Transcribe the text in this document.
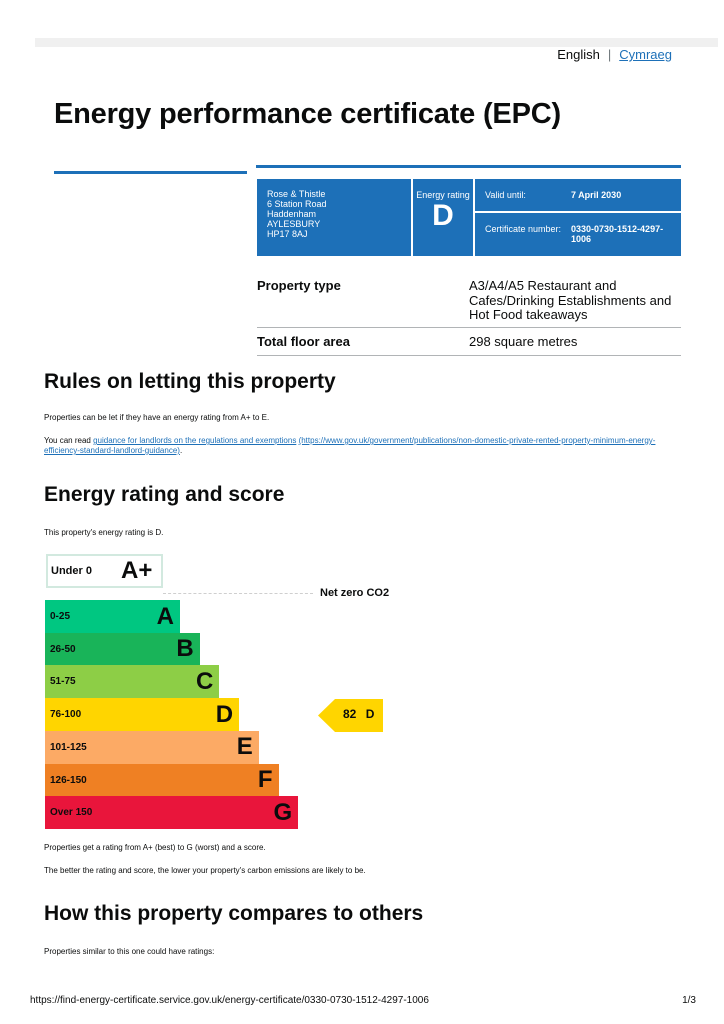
English | Cymraeg
Energy performance certificate (EPC)
Rose & Thistle
6 Station Road
Haddenham
AYLESBURY
HP17 8AJ
Energy rating
D
Valid until:	7 April 2030
Certificate number:	0330-0730-1512-4297-1006
Property type	A3/A4/A5 Restaurant and Cafes/Drinking Establishments and Hot Food takeaways
Total floor area	298 square metres
Rules on letting this property

Properties can be let if they have an energy rating from A+ to E.

You can read guidance for landlords on the regulations and exemptions (https://www.gov.uk/government/publications/non-domestic-private-rented-property-minimum-energy-efficiency-standard-landlord-guidance).

Energy rating and score

This property's energy rating is D.

Under 0	A+
Net zero CO2
0-25	A
26-50	B
51-75	C
76-100	D
101-125	E
126-150	F
Over 150	G
82 D

Properties get a rating from A+ (best) to G (worst) and a score.

The better the rating and score, the lower your property's carbon emissions are likely to be.

How this property compares to others

Properties similar to this one could have ratings:

https://find-energy-certificate.service.gov.uk/energy-certificate/0330-0730-1512-4297-1006	1/3
